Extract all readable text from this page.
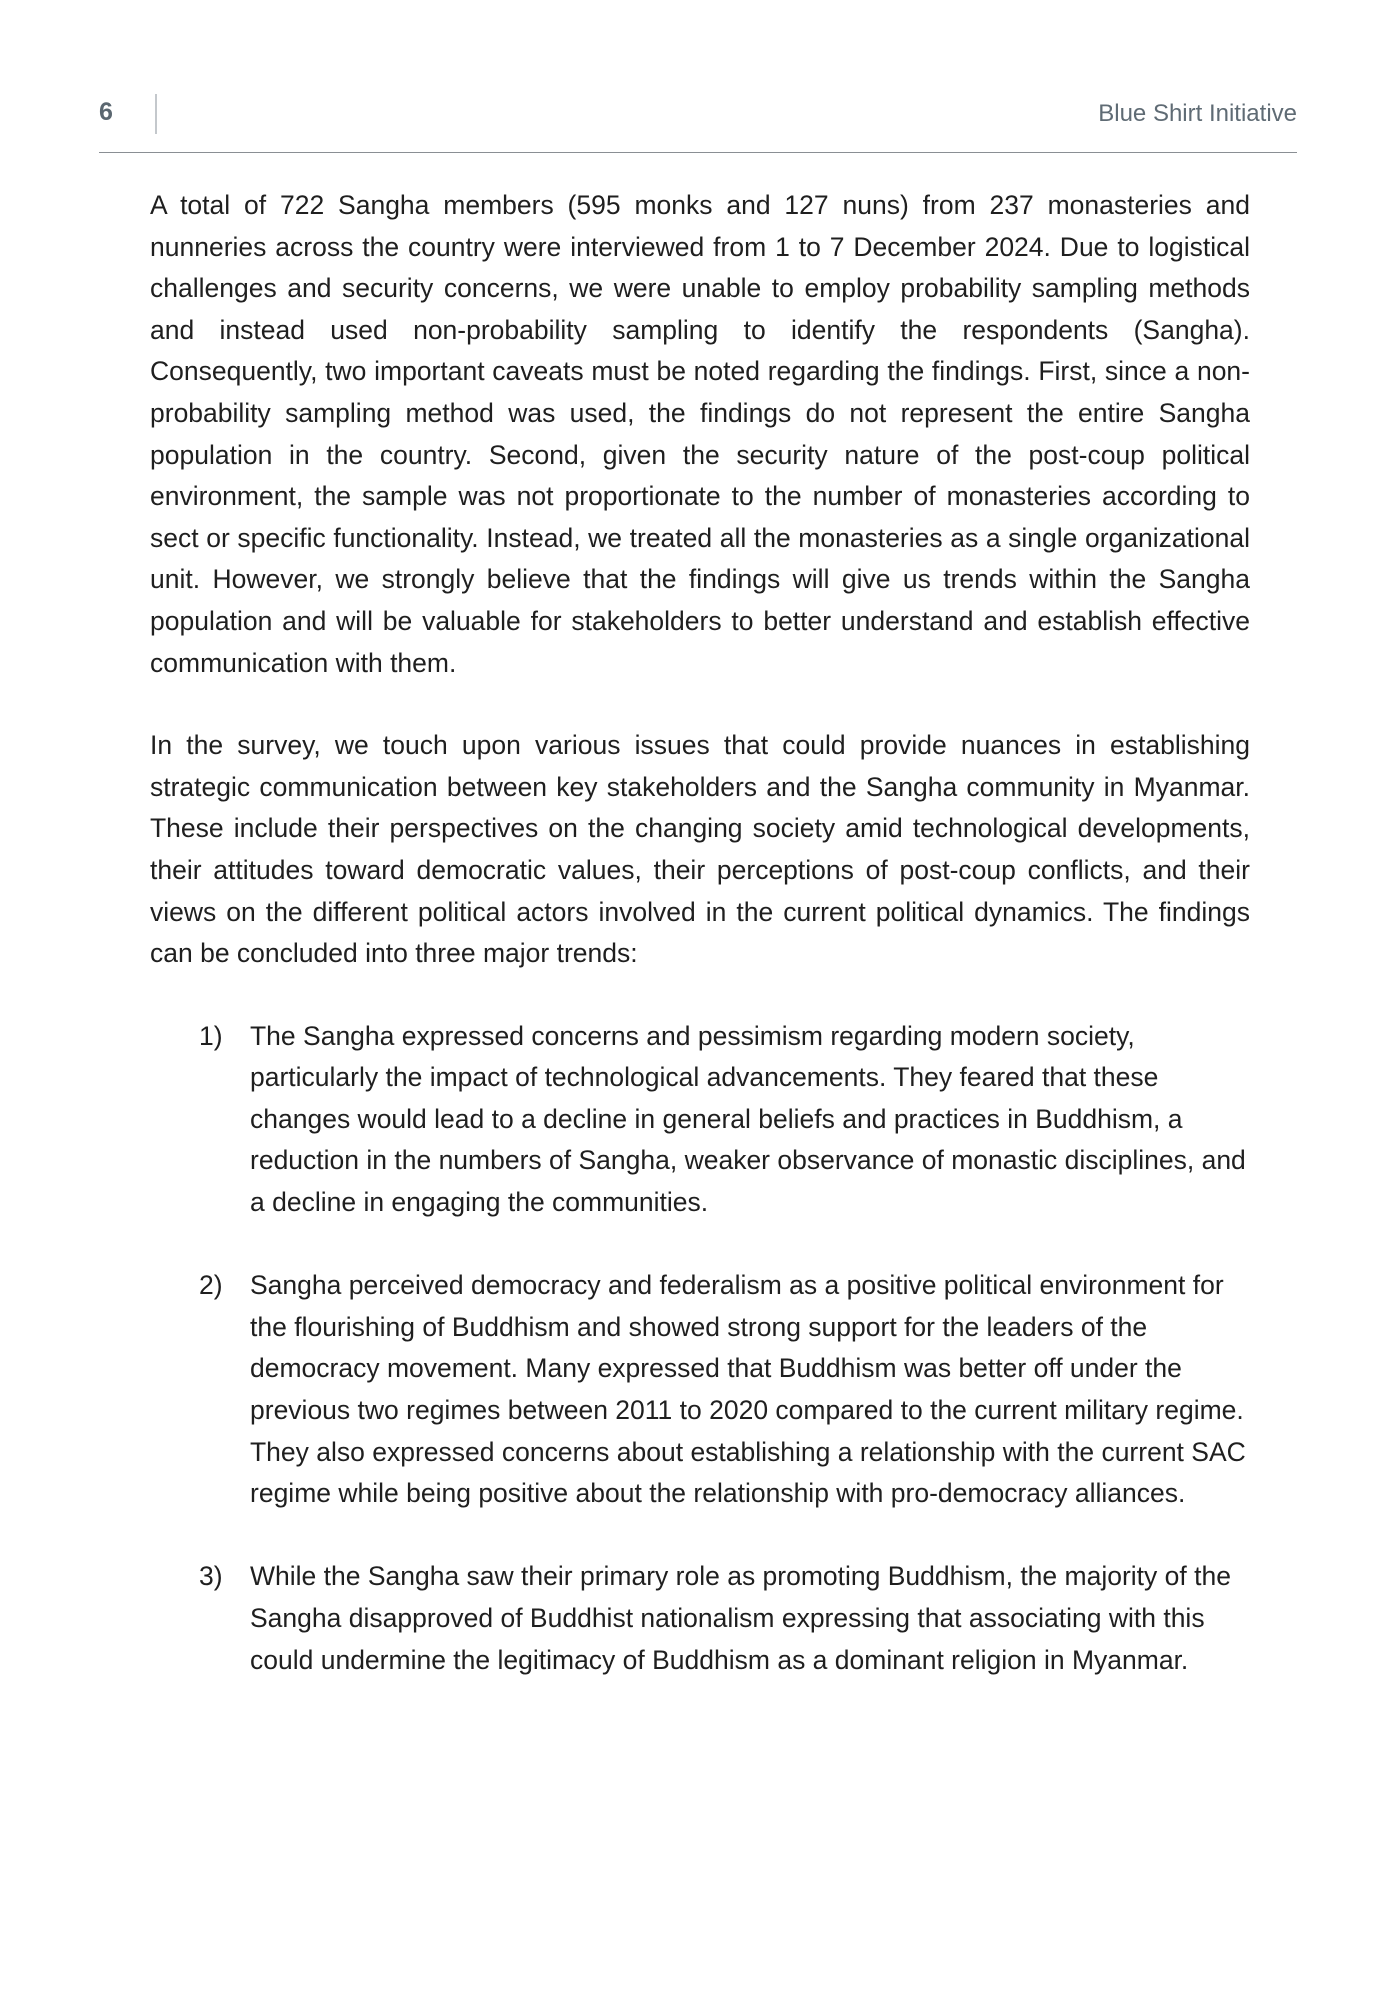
6	Blue Shirt Initiative

A total of 722 Sangha members (595 monks and 127 nuns) from 237 monasteries and nunneries across the country were interviewed from 1 to 7 December 2024. Due to logistical challenges and security concerns, we were unable to employ probability sampling methods and instead used non-probability sampling to identify the respondents (Sangha). Consequently, two important caveats must be noted regarding the findings. First, since a non-probability sampling method was used, the findings do not represent the entire Sangha population in the country. Second, given the security nature of the post-coup political environment, the sample was not proportionate to the number of monasteries according to sect or specific functionality. Instead, we treated all the monasteries as a single organizational unit. However, we strongly believe that the findings will give us trends within the Sangha population and will be valuable for stakeholders to better understand and establish effective communication with them.

In the survey, we touch upon various issues that could provide nuances in establishing strategic communication between key stakeholders and the Sangha community in Myanmar. These include their perspectives on the changing society amid technological developments, their attitudes toward democratic values, their perceptions of post-coup conflicts, and their views on the different political actors involved in the current political dynamics. The findings can be concluded into three major trends:

1) The Sangha expressed concerns and pessimism regarding modern society, particularly the impact of technological advancements. They feared that these changes would lead to a decline in general beliefs and practices in Buddhism, a reduction in the numbers of Sangha, weaker observance of monastic disciplines, and a decline in engaging the communities.
2) Sangha perceived democracy and federalism as a positive political environment for the flourishing of Buddhism and showed strong support for the leaders of the democracy movement. Many expressed that Buddhism was better off under the previous two regimes between 2011 to 2020 compared to the current military regime. They also expressed concerns about establishing a relationship with the current SAC regime while being positive about the relationship with pro-democracy alliances.
3) While the Sangha saw their primary role as promoting Buddhism, the majority of the Sangha disapproved of Buddhist nationalism expressing that associating with this could undermine the legitimacy of Buddhism as a dominant religion in Myanmar.
